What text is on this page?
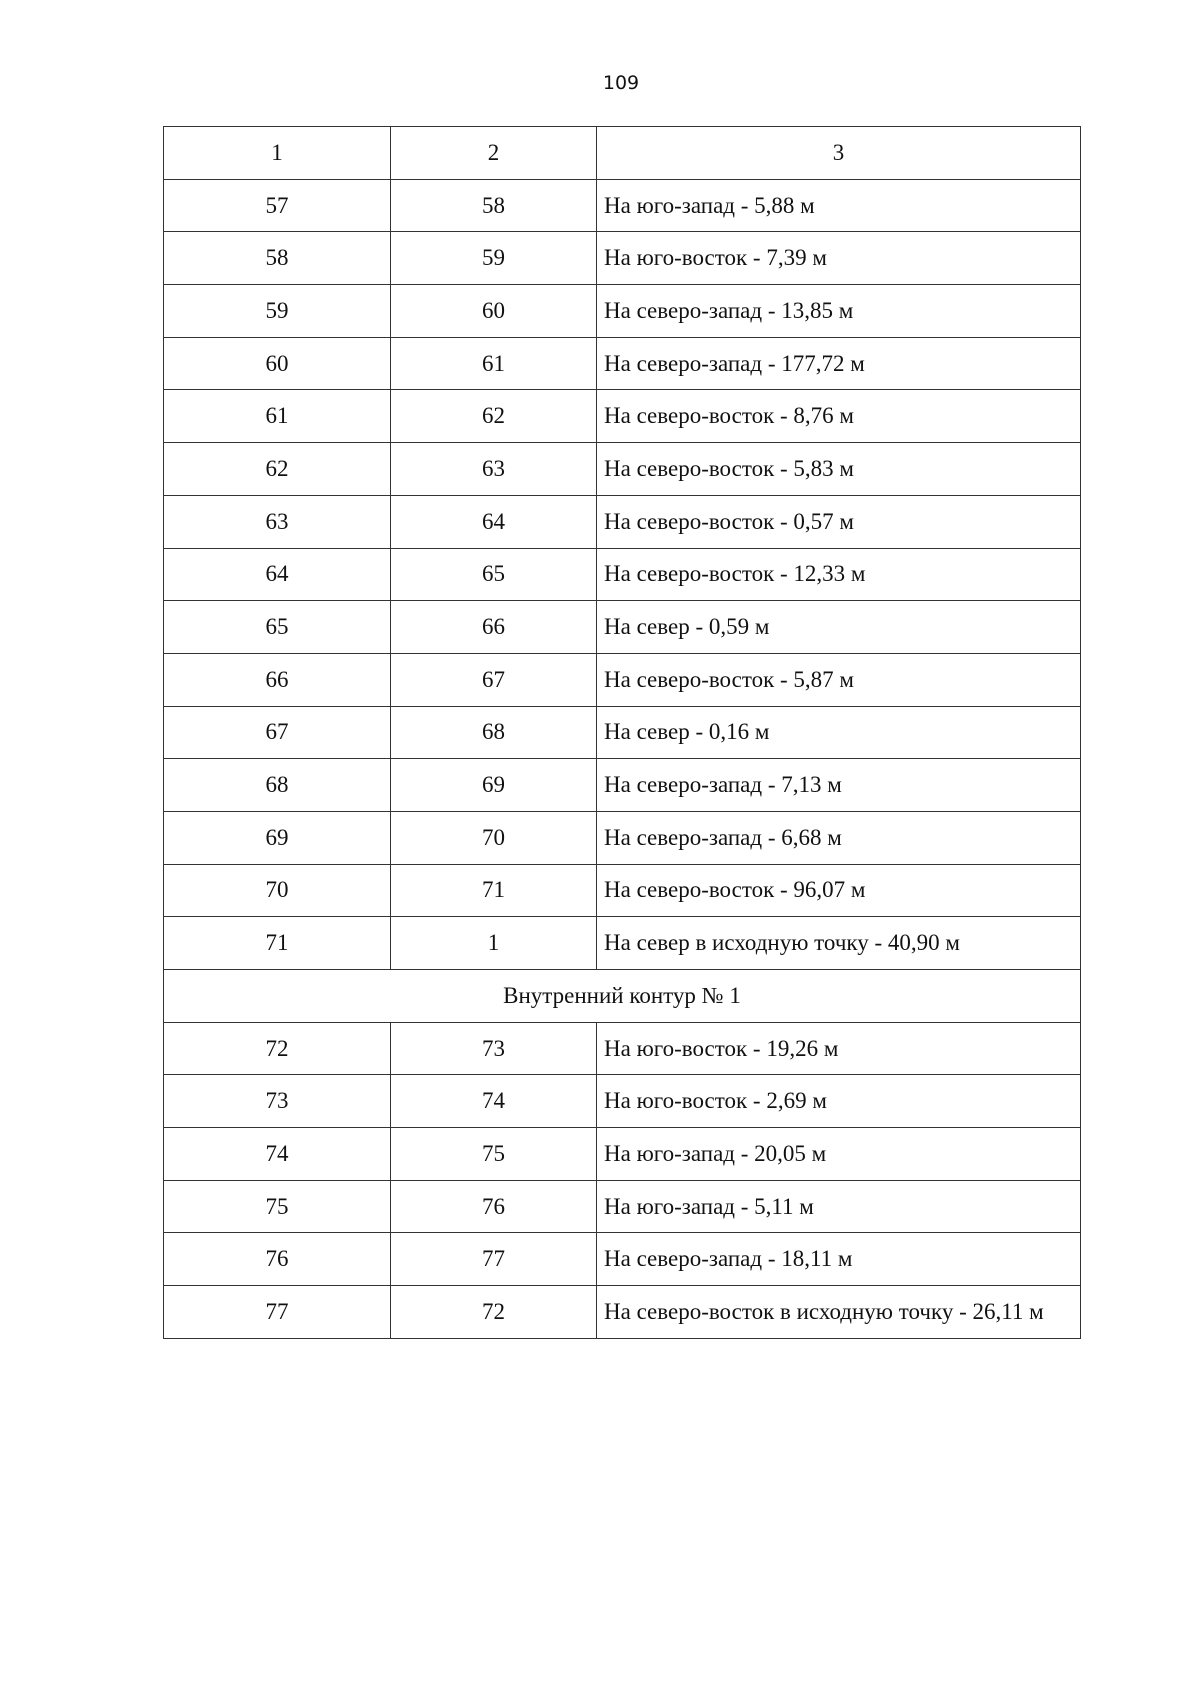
109
1	2	3
57	58	На юго-запад - 5,88 м
58	59	На юго-восток - 7,39 м
59	60	На северо-запад - 13,85 м
60	61	На северо-запад - 177,72 м
61	62	На северо-восток - 8,76 м
62	63	На северо-восток - 5,83 м
63	64	На северо-восток - 0,57 м
64	65	На северо-восток - 12,33 м
65	66	На север - 0,59 м
66	67	На северо-восток - 5,87 м
67	68	На север - 0,16 м
68	69	На северо-запад - 7,13 м
69	70	На северо-запад - 6,68 м
70	71	На северо-восток - 96,07 м
71	1	На север в исходную точку - 40,90 м
Внутренний контур № 1		
72	73	На юго-восток - 19,26 м
73	74	На юго-восток - 2,69 м
74	75	На юго-запад - 20,05 м
75	76	На юго-запад - 5,11 м
76	77	На северо-запад - 18,11 м
77	72	На северо-восток в исходную точку - 26,11 м
